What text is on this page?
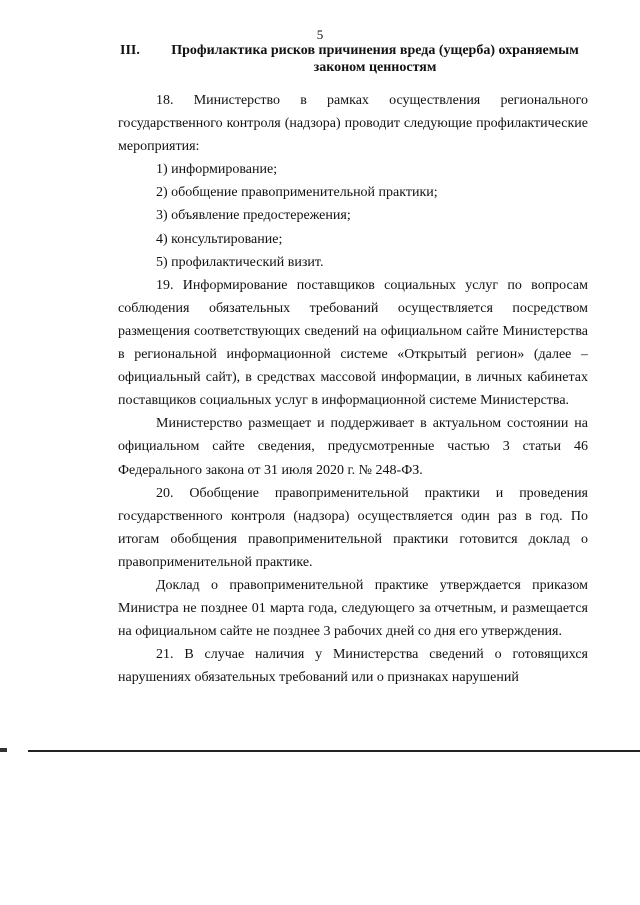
5
III.	Профилактика рисков причинения вреда (ущерба) охраняемым законом ценностям

18. Министерство в рамках осуществления регионального государственного контроля (надзора) проводит следующие профилактические мероприятия:

1) информирование;

2) обобщение правоприменительной практики;

3) объявление предостережения;

4) консультирование;

5) профилактический визит.

19. Информирование поставщиков социальных услуг по вопросам соблюдения обязательных требований осуществляется посредством размещения соответствующих сведений на официальном сайте Министерства в региональной информационной системе «Открытый регион» (далее – официальный сайт), в средствах массовой информации, в личных кабинетах поставщиков социальных услуг в информационной системе Министерства.

Министерство размещает и поддерживает в актуальном состоянии на официальном сайте сведения, предусмотренные частью 3 статьи 46 Федерального закона от 31 июля 2020 г. № 248-ФЗ.

20. Обобщение правоприменительной практики и проведения государственного контроля (надзора) осуществляется один раз в год. По итогам обобщения правоприменительной практики готовится доклад о правоприменительной практике.

Доклад о правоприменительной практике утверждается приказом Министра не позднее 01 марта года, следующего за отчетным, и размещается на официальном сайте не позднее 3 рабочих дней со дня его утверждения.

21. В случае наличия у Министерства сведений о готовящихся нарушениях обязательных требований или о признаках нарушений
